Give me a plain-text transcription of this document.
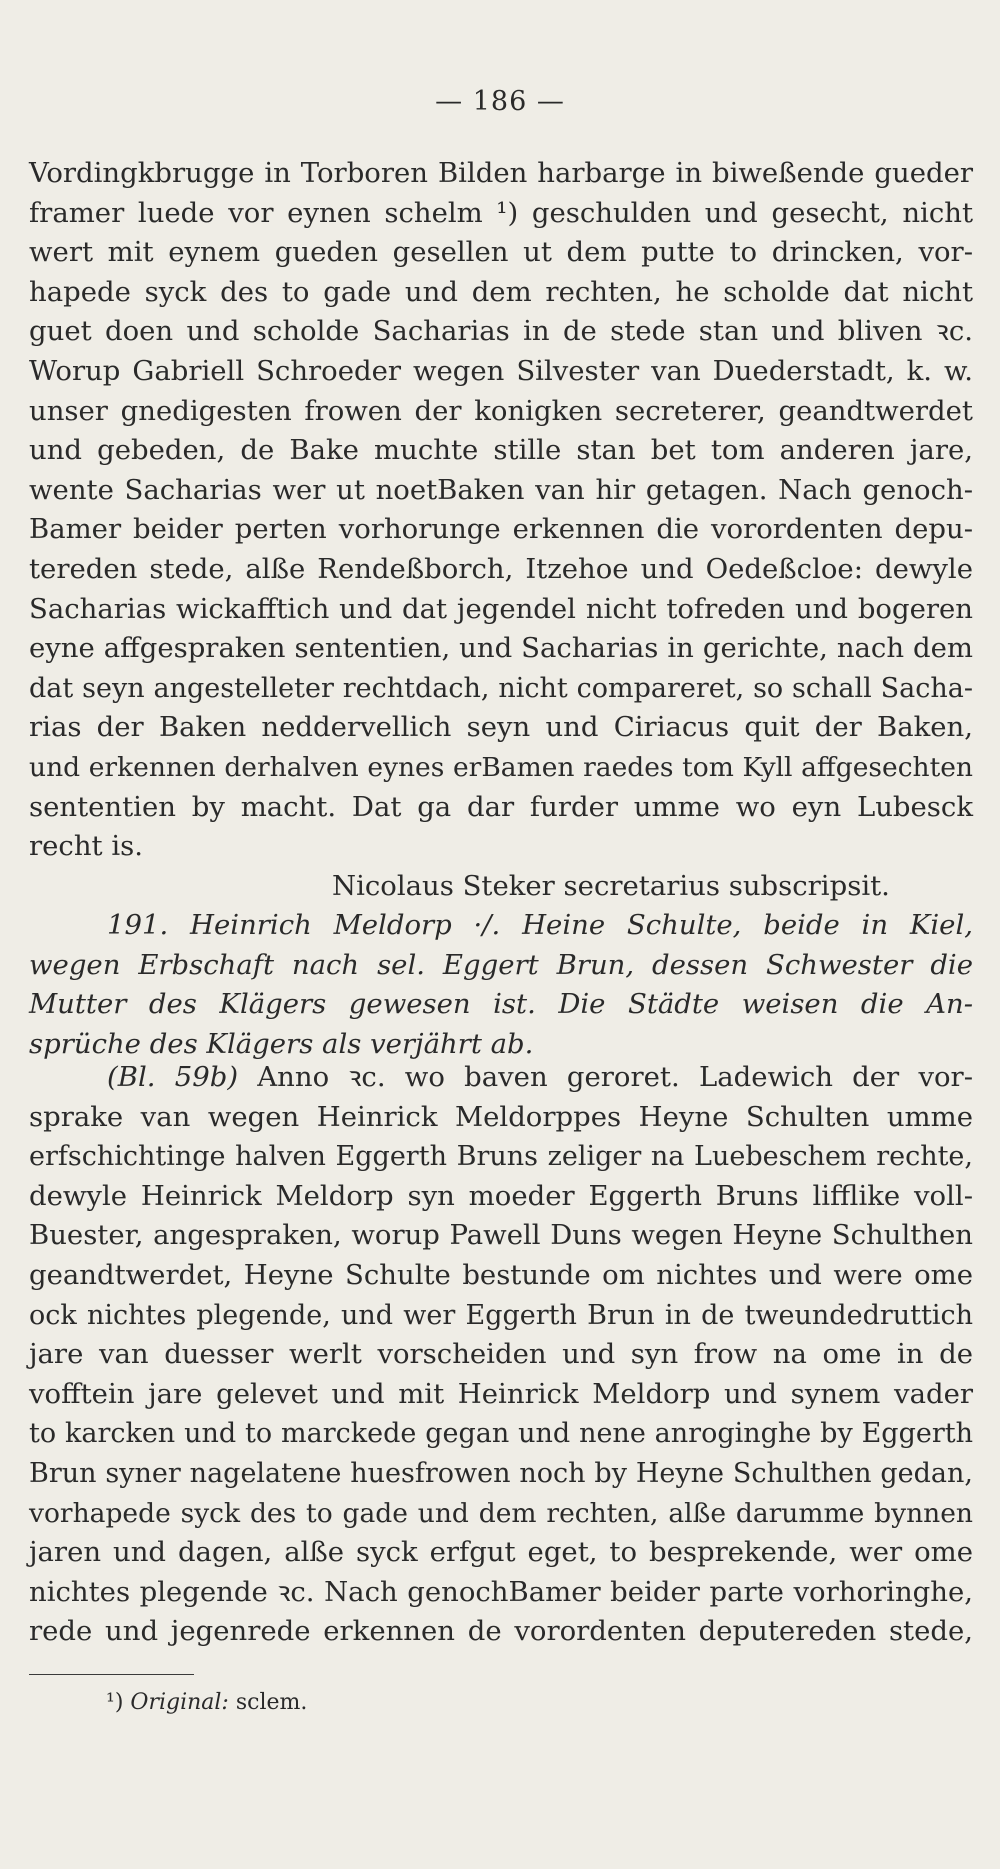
— 186 —
Vordingkbrugge in Torboren Bilden harbarge in biweßende gueder
framer luede vor eynen schelm ¹) geschulden und gesecht, nicht
wert mit eynem gueden gesellen ut dem putte to drincken, vor-
hapede syck des to gade und dem rechten, he scholde dat nicht
guet doen und scholde Sacharias in de stede stan und bliven ꝛc.
Worup Gabriell Schroeder wegen Silvester van Duederstadt, k. w.
unser gnedigesten frowen der konigken secreterer, geandtwerdet
und gebeden, de Bake muchte stille stan bet tom anderen jare,
wente Sacharias wer ut noetBaken van hir getagen. Nach genoch-
Bamer beider perten vorhorunge erkennen die vorordenten depu-
tereden stede, alße Rendeßborch, Itzehoe und Oedeßcloe: dewyle
Sacharias wickafftich und dat jegendel nicht tofreden und bogeren
eyne affgespraken sententien, und Sacharias in gerichte, nach dem
dat seyn angestelleter rechtdach, nicht compareret, so schall Sacha-
rias der Baken neddervellich seyn und Ciriacus quit der Baken,
und erkennen derhalven eynes erBamen raedes tom Kyll affgesechten
sententien by macht. Dat ga dar furder umme wo eyn Lubesck
recht is.
Nicolaus Steker secretarius subscripsit.
191. Heinrich Meldorp ·/. Heine Schulte, beide in Kiel,
wegen Erbschaft nach sel. Eggert Brun, dessen Schwester die
Mutter des Klägers gewesen ist. Die Städte weisen die An-
sprüche des Klägers als verjährt ab.
(Bl. 59b) Anno ꝛc. wo baven geroret. Ladewich der vor-
sprake van wegen Heinrick Meldorppes Heyne Schulten umme
erfschichtinge halven Eggerth Bruns zeliger na Luebeschem rechte,
dewyle Heinrick Meldorp syn moeder Eggerth Bruns lifflike voll-
Buester, angespraken, worup Pawell Duns wegen Heyne Schulthen
geandtwerdet, Heyne Schulte bestunde om nichtes und were ome
ock nichtes plegende, und wer Eggerth Brun in de tweundedruttich
jare van duesser werlt vorscheiden und syn frow na ome in de
vofftein jare gelevet und mit Heinrick Meldorp und synem vader
to karcken und to marckede gegan und nene anroginghe by Eggerth
Brun syner nagelatene huesfrowen noch by Heyne Schulthen gedan,
vorhapede syck des to gade und dem rechten, alße darumme bynnen
jaren und dagen, alße syck erfgut eget, to besprekende, wer ome
nichtes plegende ꝛc. Nach genochBamer beider parte vorhoringhe,
rede und jegenrede erkennen de vorordenten deputereden stede,
¹) Original: sclem.
